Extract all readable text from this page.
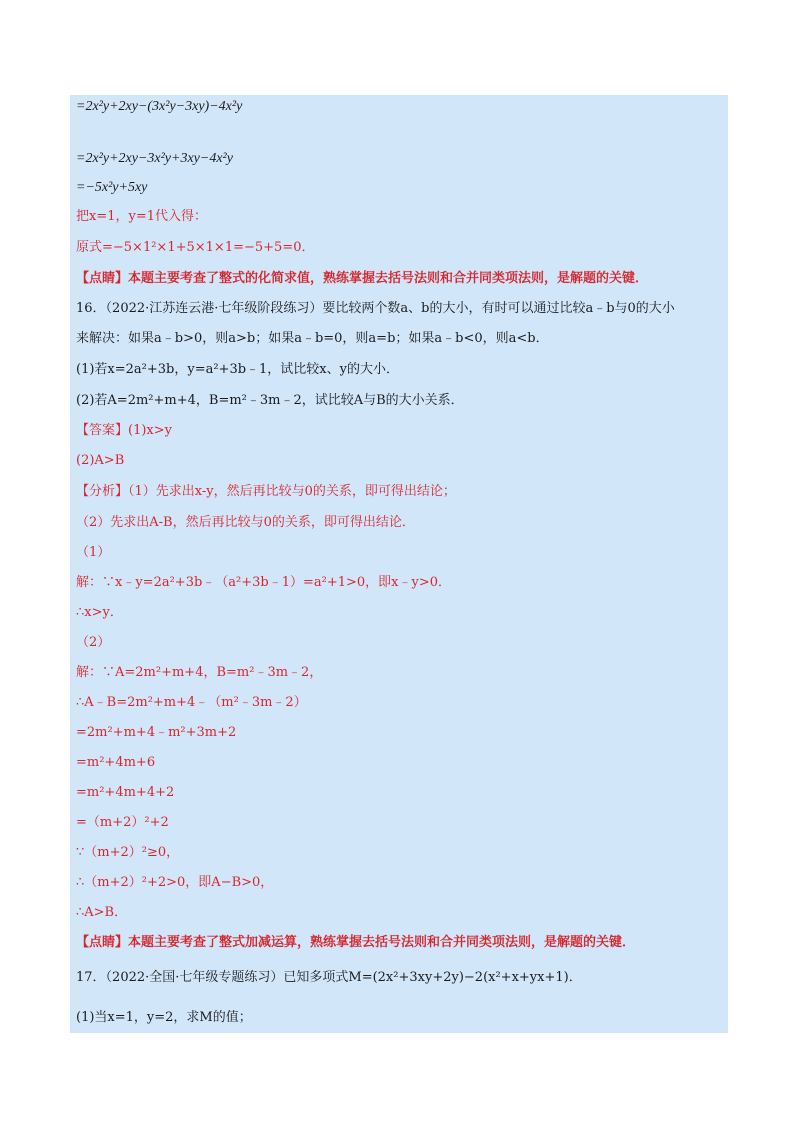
=2x²y+2xy−(3x²y−3xy)−4x²y
=2x²y+2xy−3x²y+3xy−4x²y
=−5x²y+5xy
把x=1，y=1代入得：
原式=−5×1²×1+5×1×1=−5+5=0．
【点睛】本题主要考查了整式的化简求值，熟练掌握去括号法则和合并同类项法则，是解题的关键．
16．（2022·江苏连云港·七年级阶段练习）要比较两个数a、b的大小，有时可以通过比较a﹣b与0的大小
来解决：如果a﹣b>0，则a>b；如果a﹣b=0，则a=b；如果a﹣b<0，则a<b．
(1)若x=2a²+3b，y=a²+3b﹣1，试比较x、y的大小．
(2)若A=2m²+m+4，B=m²﹣3m﹣2，试比较A与B的大小关系．
【答案】(1)x>y
(2)A>B
【分析】（1）先求出x-y，然后再比较与0的关系，即可得出结论；
（2）先求出A-B，然后再比较与0的关系，即可得出结论．
（1）
解：∵x﹣y=2a²+3b﹣（a²+3b﹣1）=a²+1>0，即x﹣y>0．
∴x>y．
（2）
解：∵A=2m²+m+4，B=m²﹣3m﹣2，
∴A﹣B=2m²+m+4﹣（m²﹣3m﹣2）
=2m²+m+4﹣m²+3m+2
=m²+4m+6
=m²+4m+4+2
=（m+2）²+2
∵（m+2）²≥0，
∴（m+2）²+2>0，即A−B>0，
∴A>B．
【点睛】本题主要考查了整式加减运算，熟练掌握去括号法则和合并同类项法则，是解题的关键．
17．（2022·全国·七年级专题练习）已知多项式M=(2x²+3xy+2y)−2(x²+x+yx+1)．
(1)当x=1，y=2，求M的值；
